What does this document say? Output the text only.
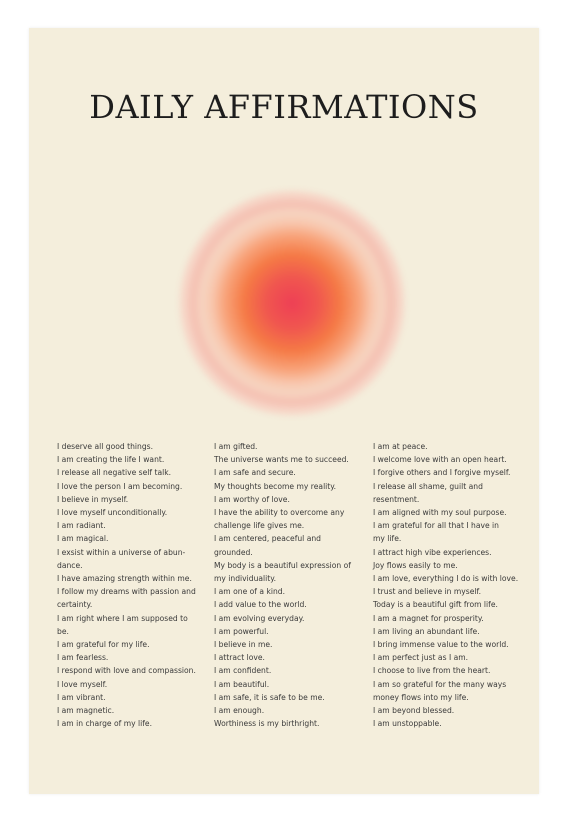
DAILY AFFIRMATIONS
I deserve all good things.
I am creating the life I want.
I release all negative self talk.
I love the person I am becoming.
I believe in myself.
I love myself unconditionally.
I am radiant.
I am magical.
I exsist within a universe of abun-
dance.
I have amazing strength within me.
I follow my dreams with passion and
certainty.
I am right where I am supposed to
be.
I am grateful for my life.
I am fearless.
I respond with love and compassion.
I love myself.
I am vibrant.
I am magnetic.
I am in charge of my life.
I am gifted.
The universe wants me to succeed.
I am safe and secure.
My thoughts become my reality.
I am worthy of love.
I have the ability to overcome any
challenge life gives me.
I am centered, peaceful and
grounded.
My body is a beautiful expression of
my individuality.
I am one of a kind.
I add value to the world.
I am evolving everyday.
I am powerful.
I believe in me.
I attract love.
I am confident.
I am beautiful.
I am safe, it is safe to be me.
I am enough.
Worthiness is my birthright.
I am at peace.
I welcome love with an open heart.
I forgive others and I forgive myself.
I release all shame, guilt and
resentment.
I am aligned with my soul purpose.
I am grateful for all that I have in
my life.
I attract high vibe experiences.
Joy flows easily to me.
I am love, everything I do is with love.
I trust and believe in myself.
Today is a beautiful gift from life.
I am a magnet for prosperity.
I am living an abundant life.
I bring immense value to the world.
I am perfect just as I am.
I choose to live from the heart.
I am so grateful for the many ways
money flows into my life.
I am beyond blessed.
I am unstoppable.
